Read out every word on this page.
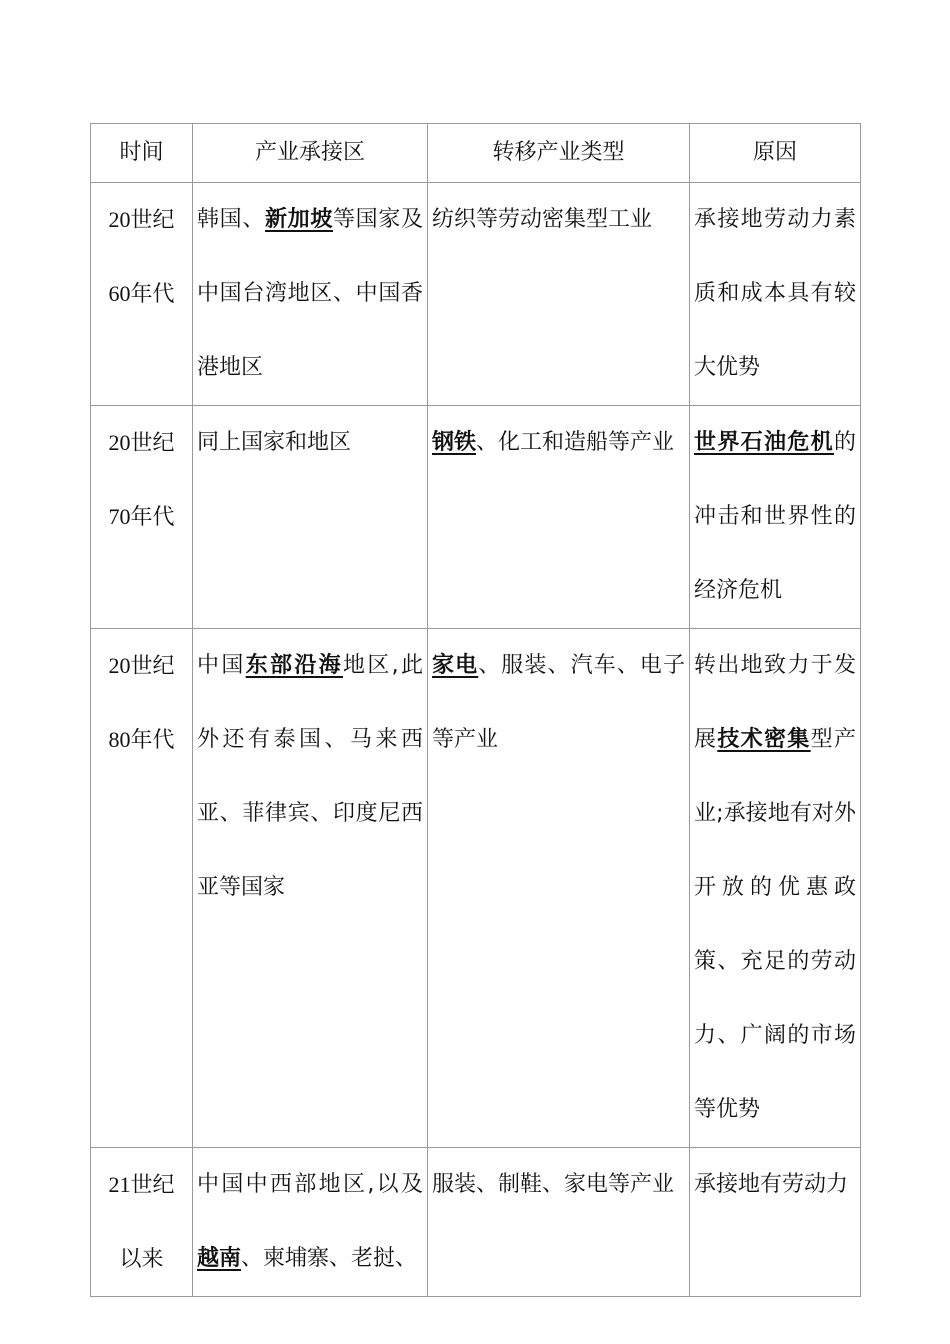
时间	产业承接区	转移产业类型	原因

20世纪
60年代	韩国、新加坡等国家及中国台湾地区、中国香港地区	纺织等劳动密集型工业	承接地劳动力素质和成本具有较大优势

20世纪
70年代	同上国家和地区	钢铁、化工和造船等产业	世界石油危机的冲击和世界性的经济危机

20世纪
80年代	中国东部沿海地区,此外还有泰国、马来西亚、菲律宾、印度尼西亚等国家	家电、服装、汽车、电子等产业	转出地致力于发展技术密集型产业;承接地有对外开放的优惠政策、充足的劳动力、广阔的市场等优势

21世纪
以来	中国中西部地区,以及越南、柬埔寨、老挝、	服装、制鞋、家电等产业	承接地有劳动力
